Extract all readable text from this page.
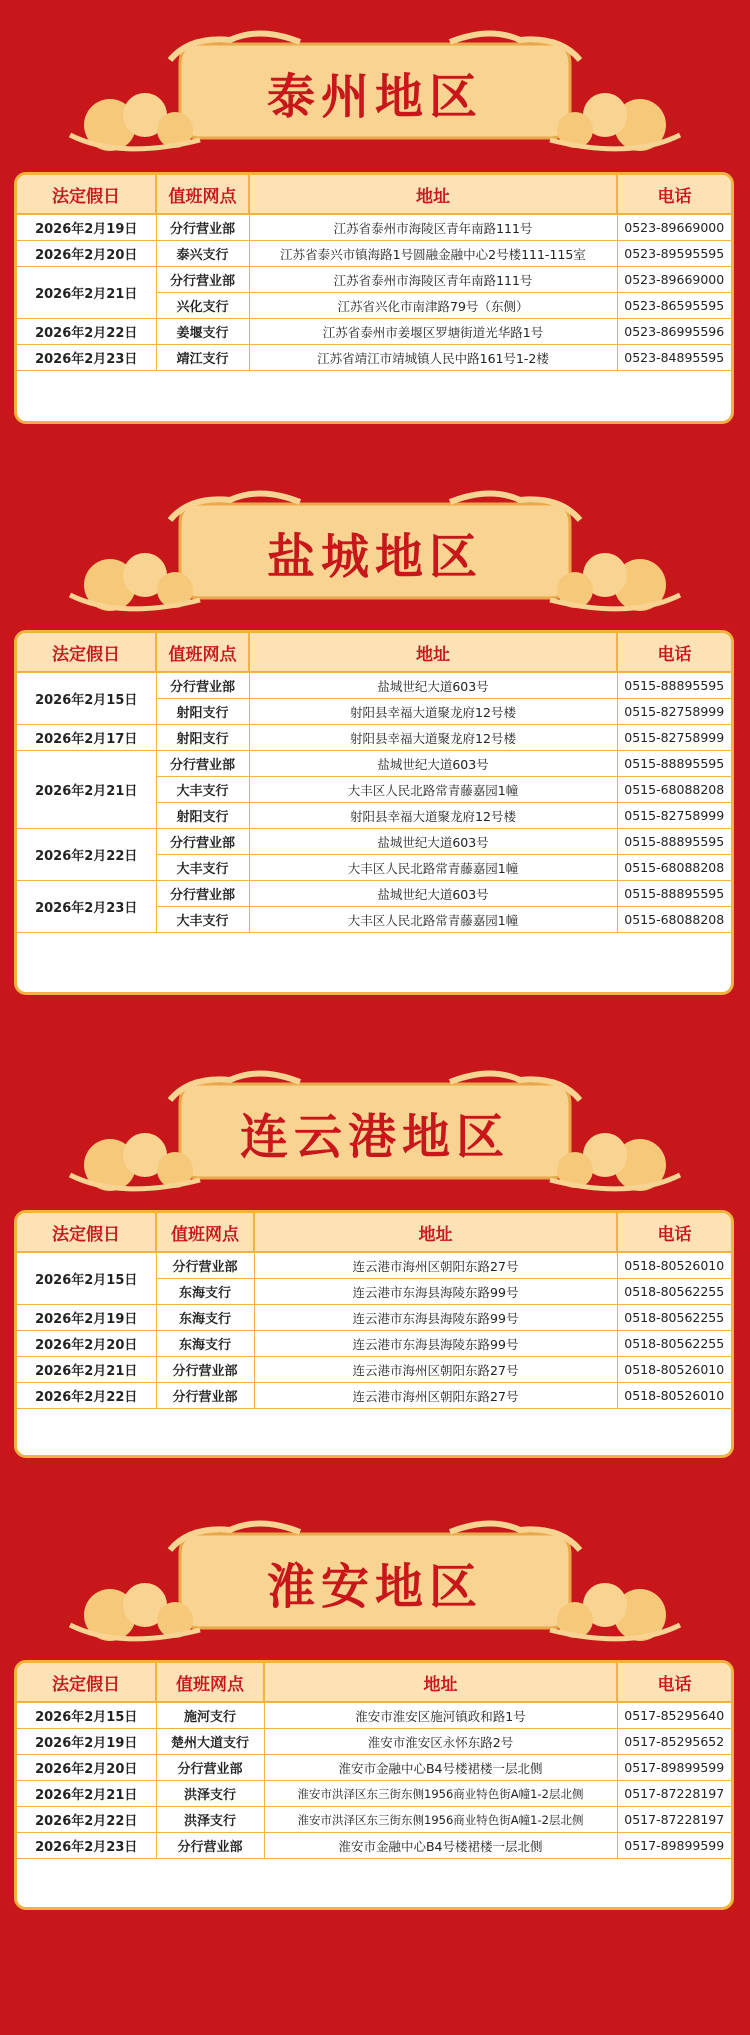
泰州地区
法定假日	值班网点	地址	电话
2026年2月19日	分行营业部	江苏省泰州市海陵区青年南路111号	0523-89669000
2026年2月20日	泰兴支行	江苏省泰兴市镇海路1号圆融金融中心2号楼111-115室	0523-89595595
2026年2月21日	分行营业部	江苏省泰州市海陵区青年南路111号	0523-89669000
	兴化支行	江苏省兴化市南津路79号（东侧）	0523-86595595
2026年2月22日	姜堰支行	江苏省泰州市姜堰区罗塘街道光华路1号	0523-86995596
2026年2月23日	靖江支行	江苏省靖江市靖城镇人民中路161号1-2楼	0523-84895595
盐城地区
法定假日	值班网点	地址	电话
2026年2月15日	分行营业部	盐城世纪大道603号	0515-88895595
	射阳支行	射阳县幸福大道聚龙府12号楼	0515-82758999
2026年2月17日	射阳支行	射阳县幸福大道聚龙府12号楼	0515-82758999
2026年2月21日	分行营业部	盐城世纪大道603号	0515-88895595
	大丰支行	大丰区人民北路常青藤嘉园1幢	0515-68088208
	射阳支行	射阳县幸福大道聚龙府12号楼	0515-82758999
2026年2月22日	分行营业部	盐城世纪大道603号	0515-88895595
	大丰支行	大丰区人民北路常青藤嘉园1幢	0515-68088208
2026年2月23日	分行营业部	盐城世纪大道603号	0515-88895595
	大丰支行	大丰区人民北路常青藤嘉园1幢	0515-68088208
连云港地区
法定假日	值班网点	地址	电话
2026年2月15日	分行营业部	连云港市海州区朝阳东路27号	0518-80526010
	东海支行	连云港市东海县海陵东路99号	0518-80562255
2026年2月19日	东海支行	连云港市东海县海陵东路99号	0518-80562255
2026年2月20日	东海支行	连云港市东海县海陵东路99号	0518-80562255
2026年2月21日	分行营业部	连云港市海州区朝阳东路27号	0518-80526010
2026年2月22日	分行营业部	连云港市海州区朝阳东路27号	0518-80526010
淮安地区
法定假日	值班网点	地址	电话
2026年2月15日	施河支行	淮安市淮安区施河镇政和路1号	0517-85295640
2026年2月19日	楚州大道支行	淮安市淮安区永怀东路2号	0517-85295652
2026年2月20日	分行营业部	淮安市金融中心B4号楼裙楼一层北侧	0517-89899599
2026年2月21日	洪泽支行	淮安市洪泽区东三街东侧1956商业特色街A幢1-2层北侧	0517-87228197
2026年2月22日	洪泽支行	淮安市洪泽区东三街东侧1956商业特色街A幢1-2层北侧	0517-87228197
2026年2月23日	分行营业部	淮安市金融中心B4号楼裙楼一层北侧	0517-89899599
